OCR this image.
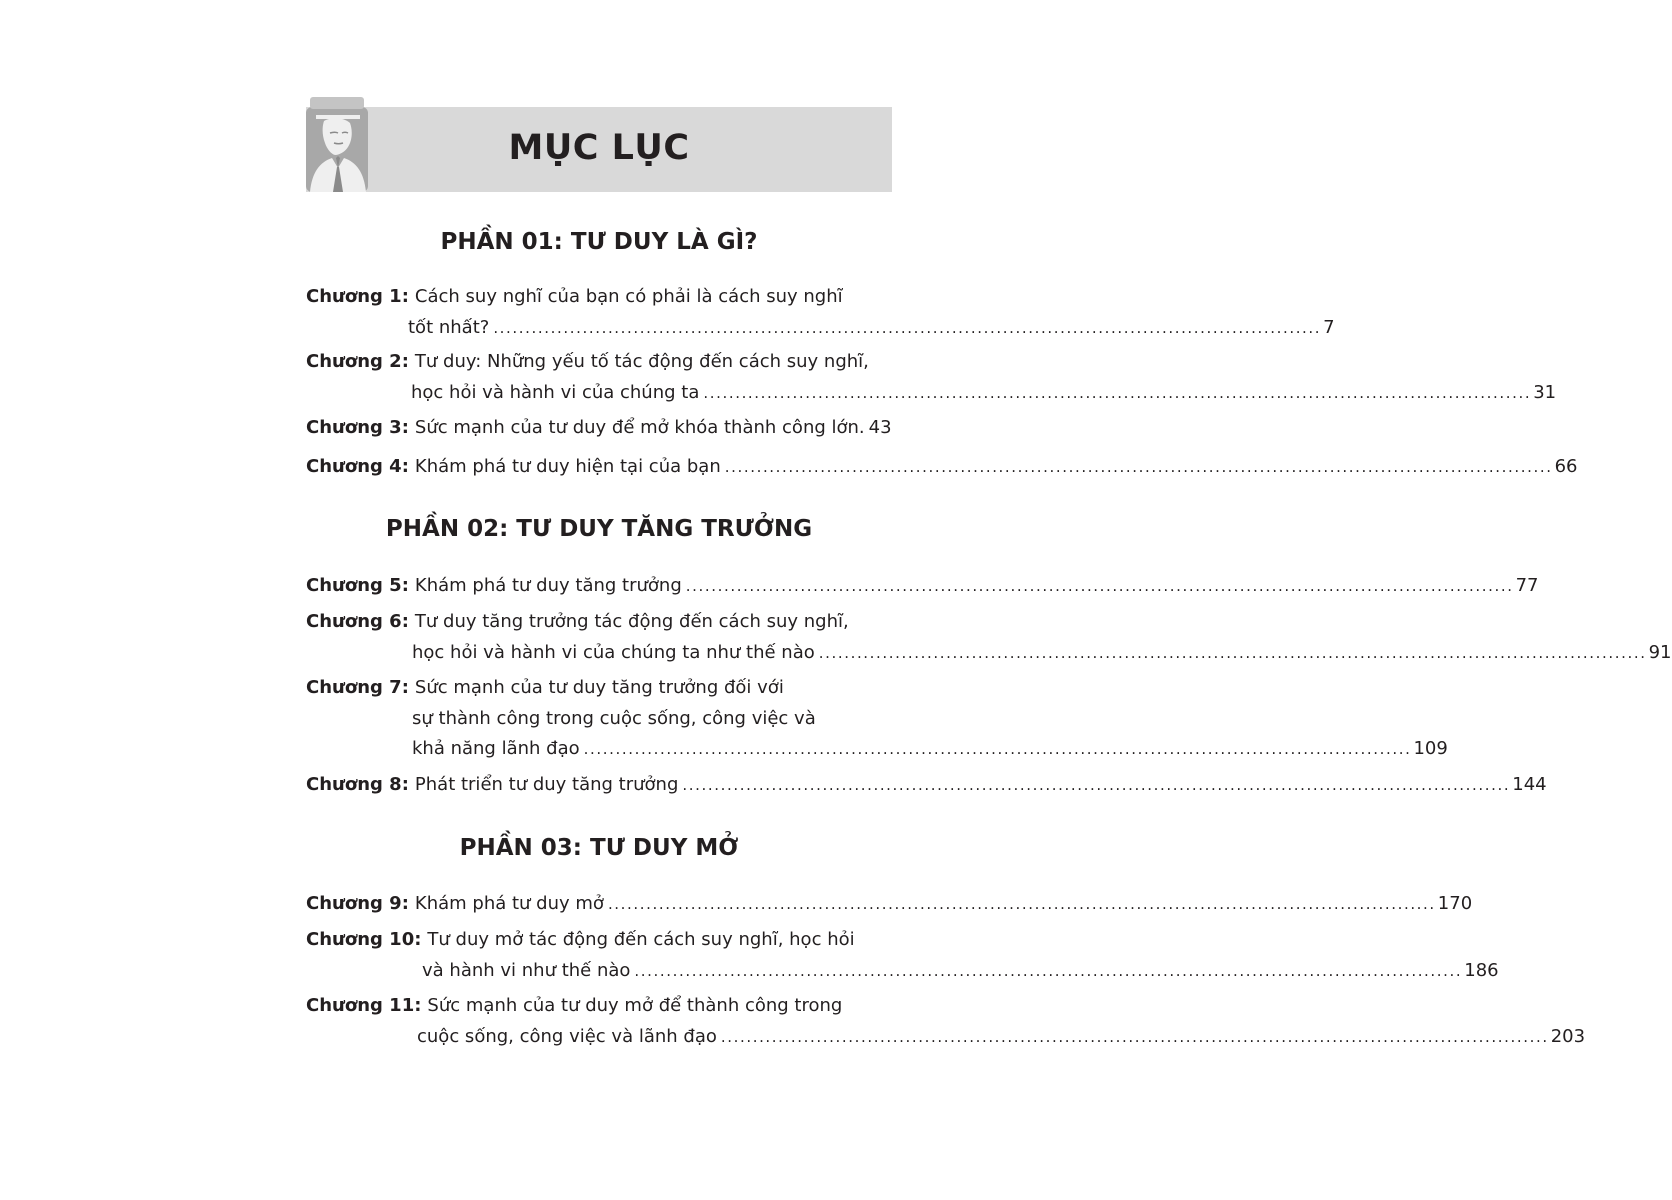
MỤC LỤC
PHẦN 01: TƯ DUY LÀ GÌ?
Chương 1: Cách suy nghĩ của bạn có phải là cách suy nghĩ
tốt nhất? .................................................................................................................................. 7
Chương 2: Tư duy: Những yếu tố tác động đến cách suy nghĩ,
học hỏi và hành vi của chúng ta .................................................................................................................................. 31
Chương 3: Sức mạnh của tư duy để mở khóa thành công lớn. 43
Chương 4: Khám phá tư duy hiện tại của bạn .................................................................................................................................. 66
PHẦN 02: TƯ DUY TĂNG TRƯỞNG
Chương 5: Khám phá tư duy tăng trưởng .................................................................................................................................. 77
Chương 6: Tư duy tăng trưởng tác động đến cách suy nghĩ,
học hỏi và hành vi của chúng ta như thế nào .................................................................................................................................. 91
Chương 7: Sức mạnh của tư duy tăng trưởng đối với
sự thành công trong cuộc sống, công việc và
khả năng lãnh đạo .................................................................................................................................. 109
Chương 8: Phát triển tư duy tăng trưởng .................................................................................................................................. 144
PHẦN 03: TƯ DUY MỞ
Chương 9: Khám phá tư duy mở .................................................................................................................................. 170
Chương 10: Tư duy mở tác động đến cách suy nghĩ, học hỏi
và hành vi như thế nào .................................................................................................................................. 186
Chương 11: Sức mạnh của tư duy mở để thành công trong
cuộc sống, công việc và lãnh đạo .................................................................................................................................. 203
